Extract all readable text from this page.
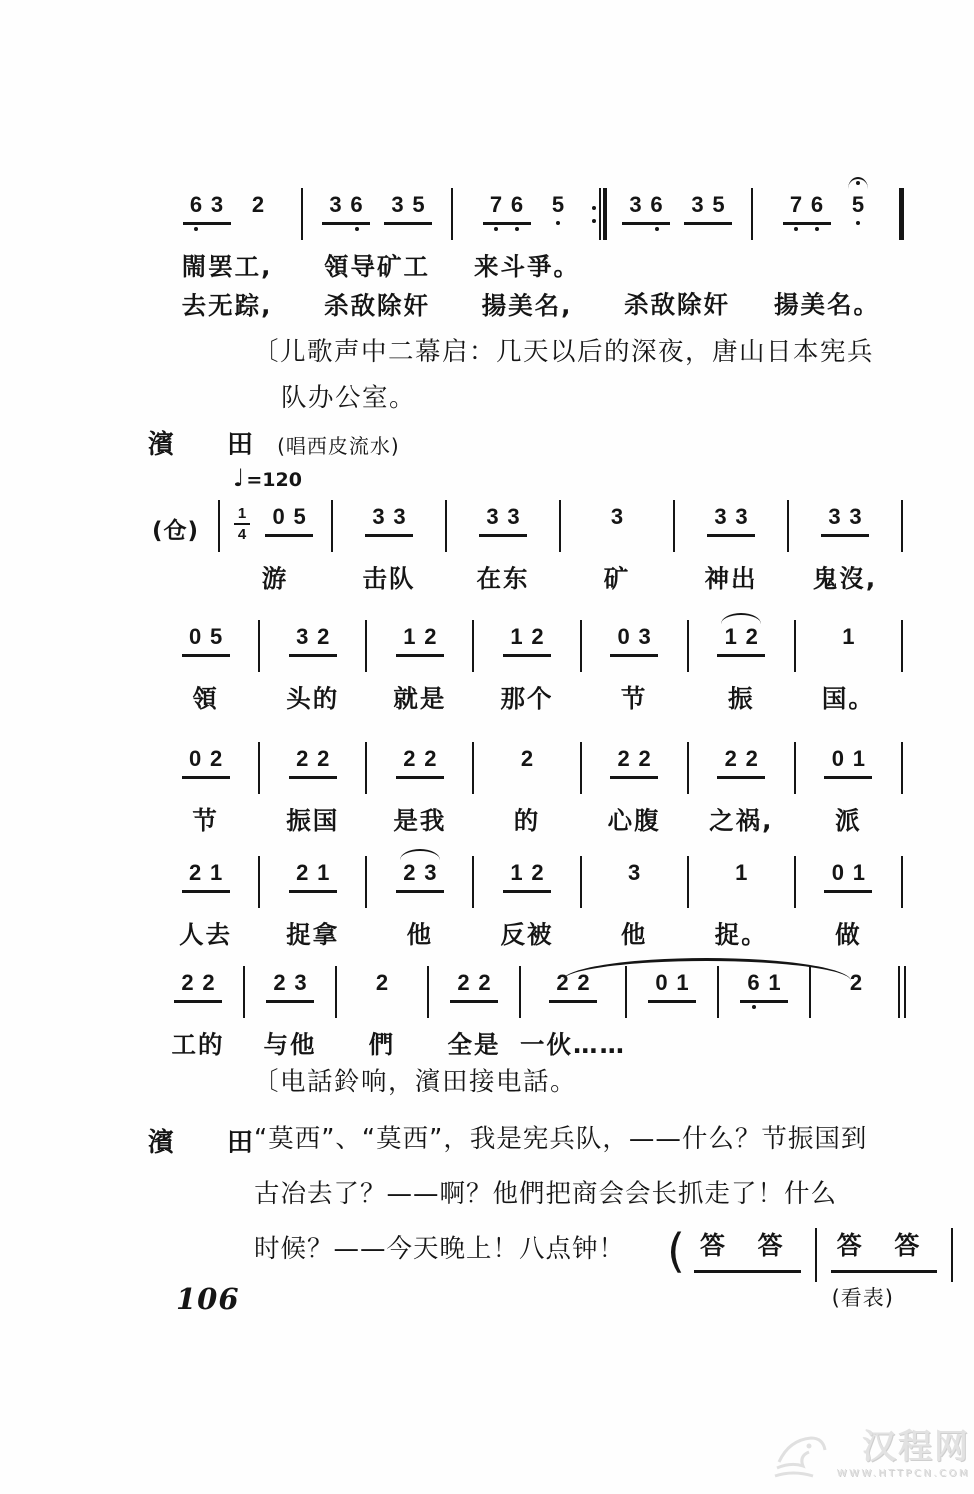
6 3 2
閙罢工,
去无踪,
3 6 3 5
領导矿工
杀敌除奸
7 6 5
来斗爭。
揚美名,
3 6 3 5
杀敌除奸
7 6 5
揚美名。
(仓)
1
4
0 5
游
3 3
击队
3 3
在东
3
矿
3 3
神出
3 3
鬼沒,
0 5
領
3 2
头的
1 2
就是
1 2
那个
0 3
节
1 2
振
1
国。
0 2
节
2 2
振国
2 2
是我
2
的
2 2
心腹
2 2
之祸,
0 1
派
2 1
人去
2 1
捉拿
2 3
他
1 2
反被
3
他
1
捉。
0 1
做
2 2
工的
2 3
与他
2
們
2 2
全是
2 2
一伙……
0 1	6 1	2
〔儿歌声中二幕启：几天以后的深夜，唐山日本宪兵
队办公室。
濱 田 (唱西皮流水)
♩ =120
〔电話鈴响，濱田接电話。
濱 田
“莫西”、“莫西”，我是宪兵队，——什么？节振国到
古冶去了？——啊？他們把商会会长抓走了！什么
时候？——今天晚上！八点钟！ ( 答 答 答 答
(看表)
106
汉程网
WWW.HTTPCN.COM
